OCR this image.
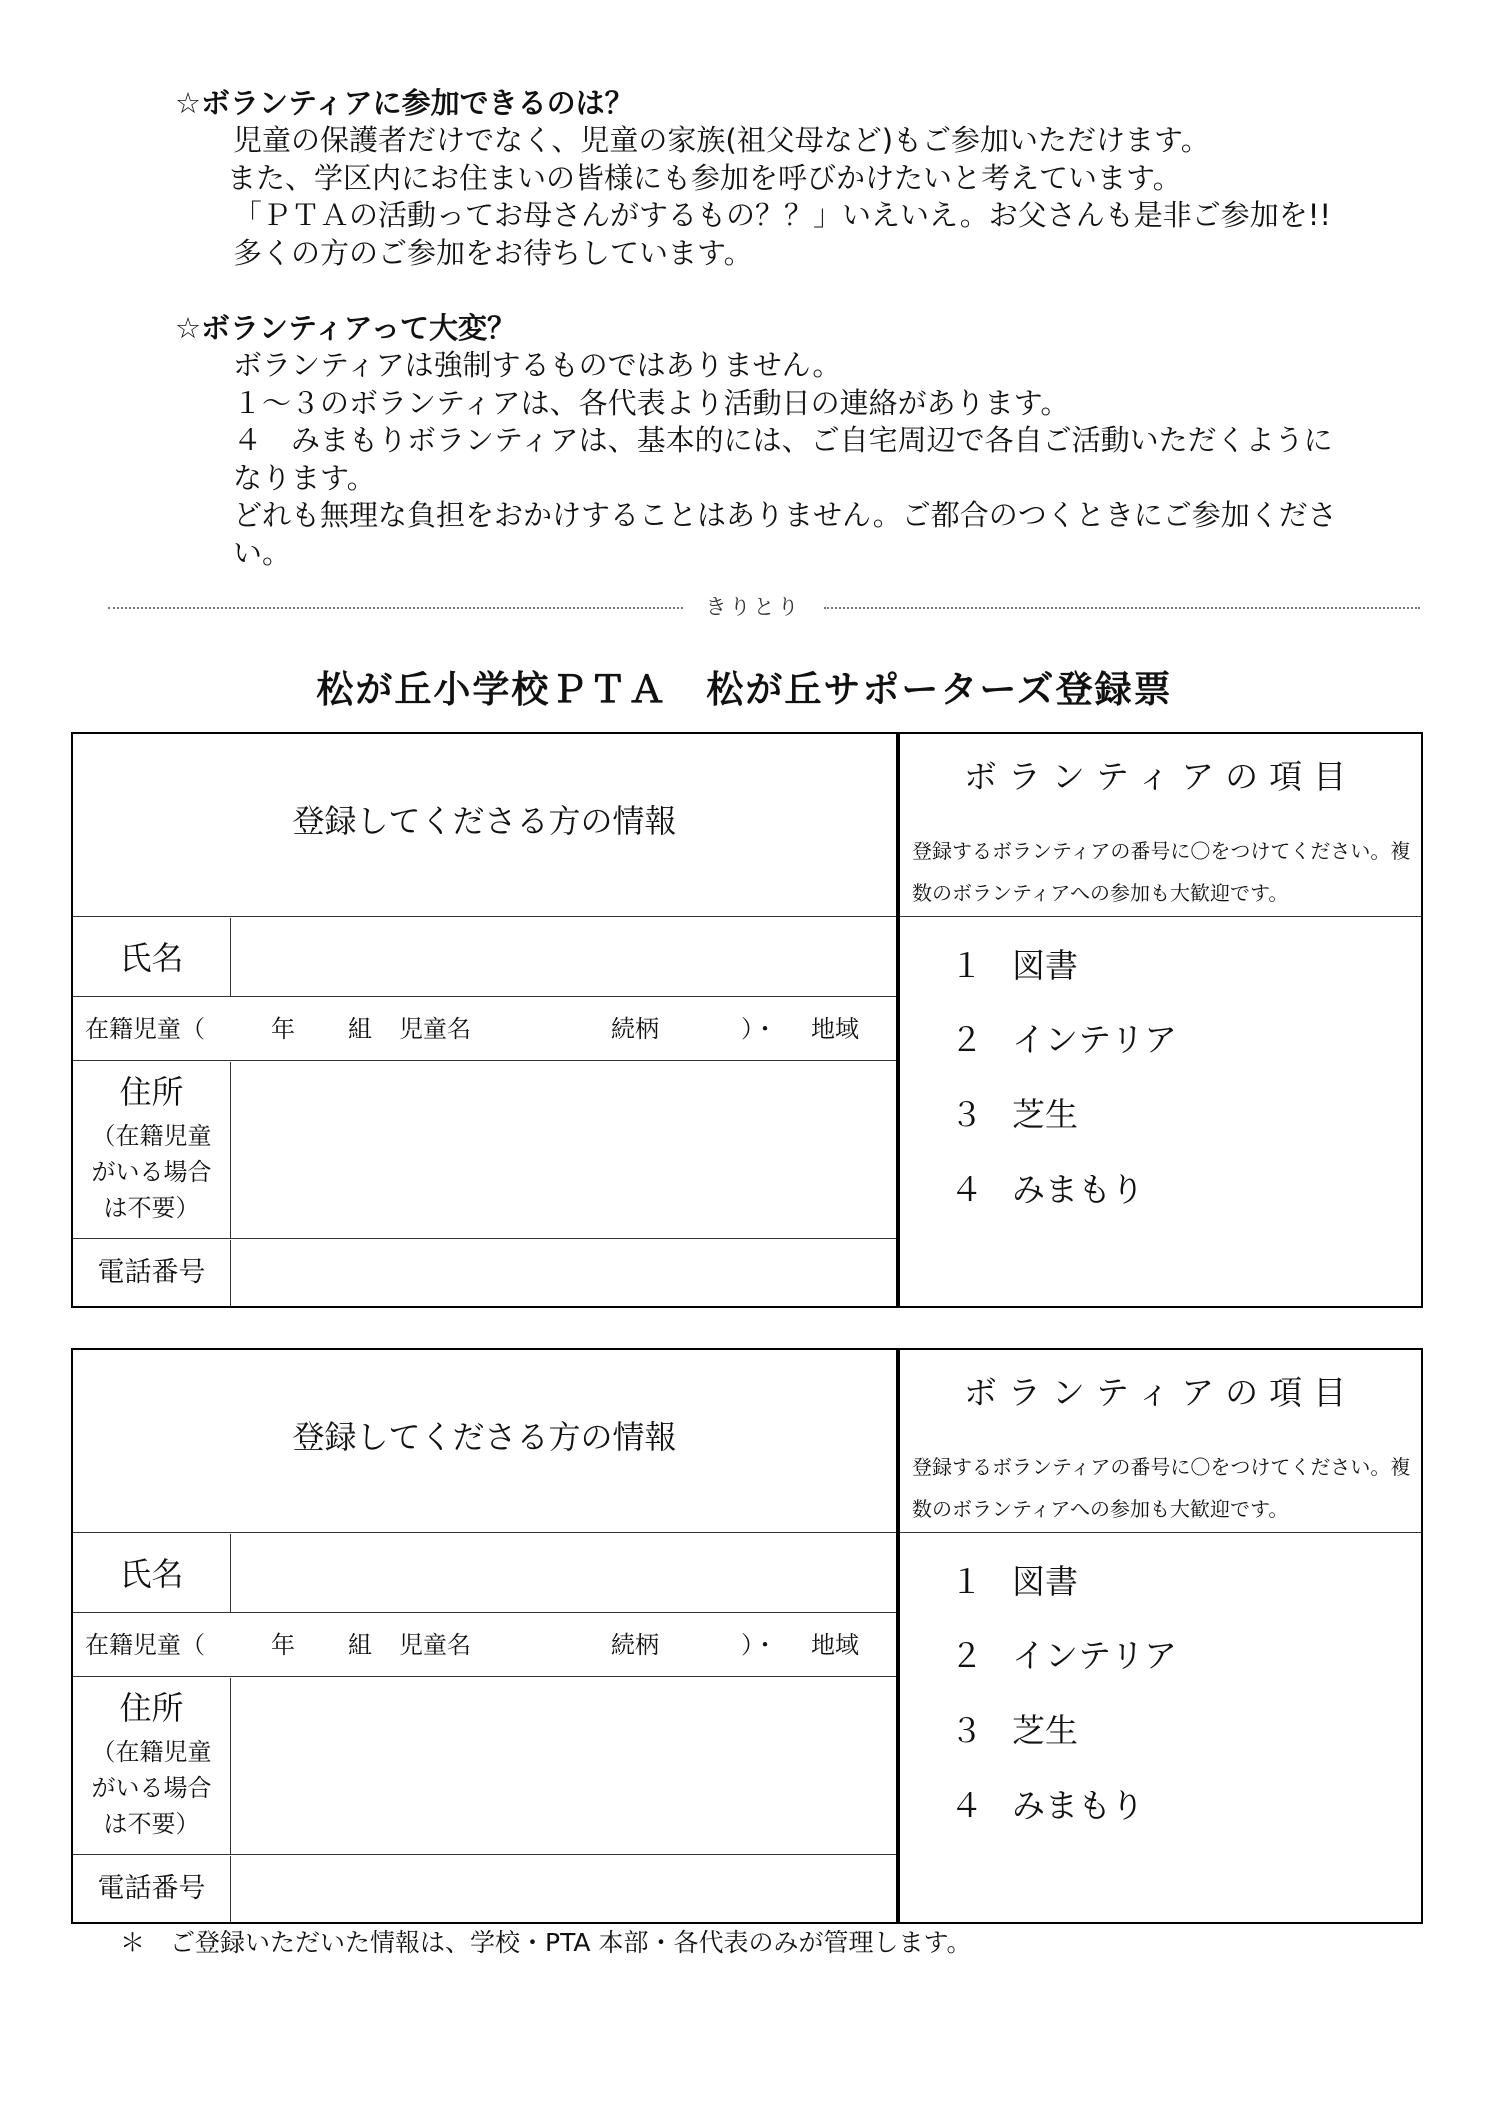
☆ボランティアに参加できるのは？
児童の保護者だけでなく、児童の家族(祖父母など)もご参加いただけます。
また、学区内にお住まいの皆様にも参加を呼びかけたいと考えています。
「ＰＴＡの活動ってお母さんがするもの？？」いえいえ。お父さんも是非ご参加を!!
多くの方のご参加をお待ちしています。
☆ボランティアって大変？
ボランティアは強制するものではありません。
１～３のボランティアは、各代表より活動日の連絡があります。
４　みまもりボランティアは、基本的には、ご自宅周辺で各自ご活動いただくように
なります。
どれも無理な負担をおかけすることはありません。ご都合のつくときにご参加くださ
い。
きりとり
松が丘小学校ＰＴＡ　松が丘サポーターズ登録票
登録してくださる方の情報
氏名
在籍児童（	年 組 児童名	続柄	）・ 地域
住所
（在籍児童
がいる場合
は不要）
電話番号
ボランティアの項目
登録するボランティアの番号に〇をつけてください。複数のボランティアへの参加も大歓迎です。
１ 図書
２ インテリア
３ 芝生
４ みまもり
登録してくださる方の情報
氏名
在籍児童（	年 組 児童名	続柄	）・ 地域
住所
（在籍児童
がいる場合
は不要）
電話番号
ボランティアの項目
登録するボランティアの番号に〇をつけてください。複数のボランティアへの参加も大歓迎です。
１ 図書
２ インテリア
３ 芝生
４ みまもり
＊　ご登録いただいた情報は、学校・PTA 本部・各代表のみが管理します。
